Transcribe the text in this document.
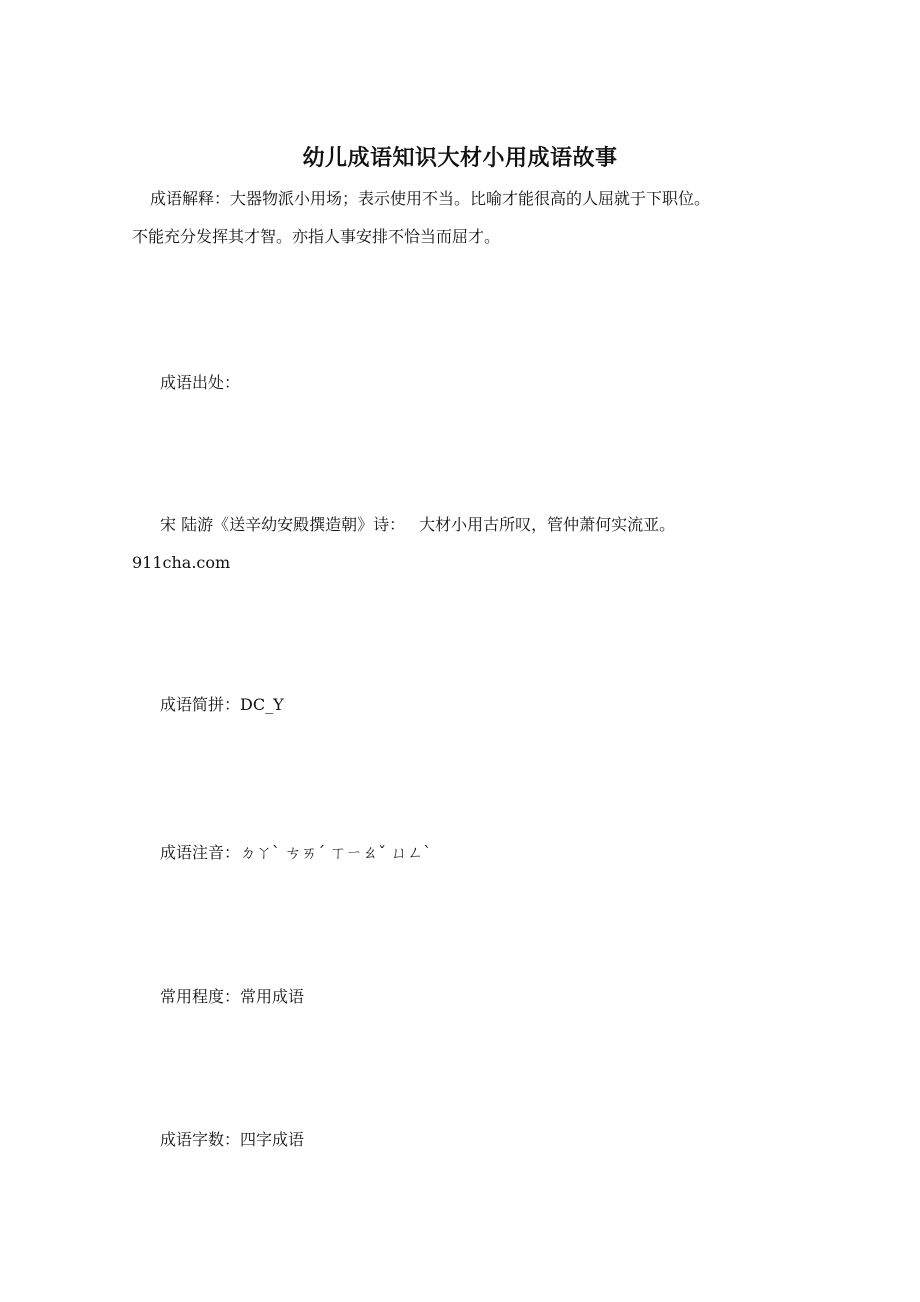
幼儿成语知识大材小用成语故事
成语解释：大器物派小用场；表示使用不当。比喻才能很高的人屈就于下职位。
不能充分发挥其才智。亦指人事安排不恰当而屈才。
成语出处：
宋 陆游《送辛幼安殿撰造朝》诗： 大材小用古所叹，管仲萧何实流亚。
911cha.com
成语简拼：DC_Y
成语注音：ㄉㄚˋ ㄘㄞˊ ㄒㄧㄠˇ ㄩㄥˋ
常用程度：常用成语
成语字数：四字成语
